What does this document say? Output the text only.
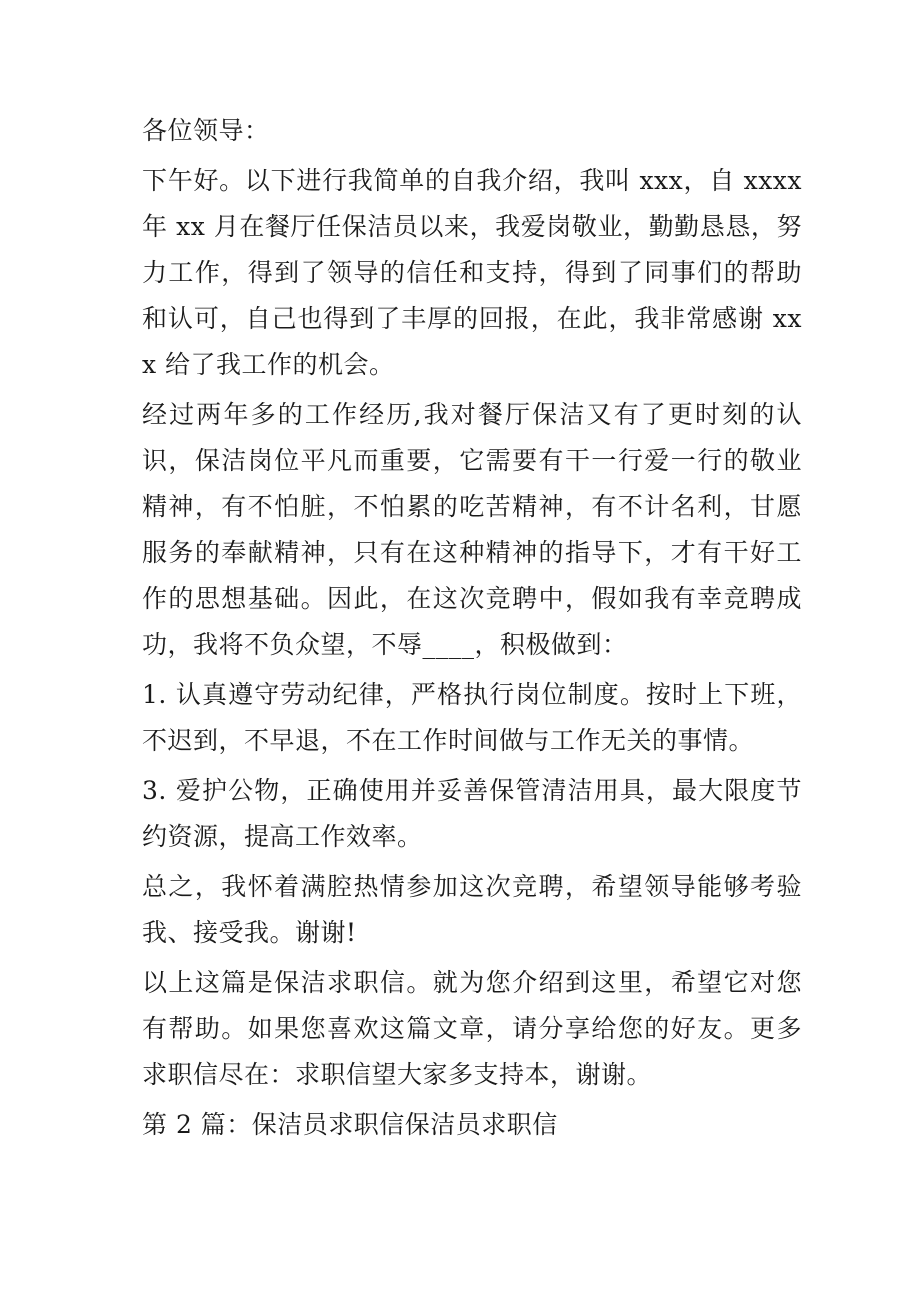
各位领导：

下午好。以下进行我简单的自我介绍，我叫 xxx，自 xxxx 年 xx 月在餐厅任保洁员以来，我爱岗敬业，勤勤恳恳，努力工作，得到了领导的信任和支持，得到了同事们的帮助和认可，自己也得到了丰厚的回报，在此，我非常感谢 xxx 给了我工作的机会。

经过两年多的工作经历,我对餐厅保洁又有了更时刻的认识，保洁岗位平凡而重要，它需要有干一行爱一行的敬业精神，有不怕脏，不怕累的吃苦精神，有不计名利，甘愿服务的奉献精神，只有在这种精神的指导下，才有干好工作的思想基础。因此，在这次竞聘中，假如我有幸竞聘成功，我将不负众望，不辱____，积极做到：

1. 认真遵守劳动纪律，严格执行岗位制度。按时上下班，不迟到，不早退，不在工作时间做与工作无关的事情。

3. 爱护公物，正确使用并妥善保管清洁用具，最大限度节约资源，提高工作效率。

总之，我怀着满腔热情参加这次竞聘，希望领导能够考验我、接受我。谢谢!

以上这篇是保洁求职信。就为您介绍到这里，希望它对您有帮助。如果您喜欢这篇文章，请分享给您的好友。更多求职信尽在：求职信望大家多支持本，谢谢。

第 2 篇：保洁员求职信保洁员求职信
